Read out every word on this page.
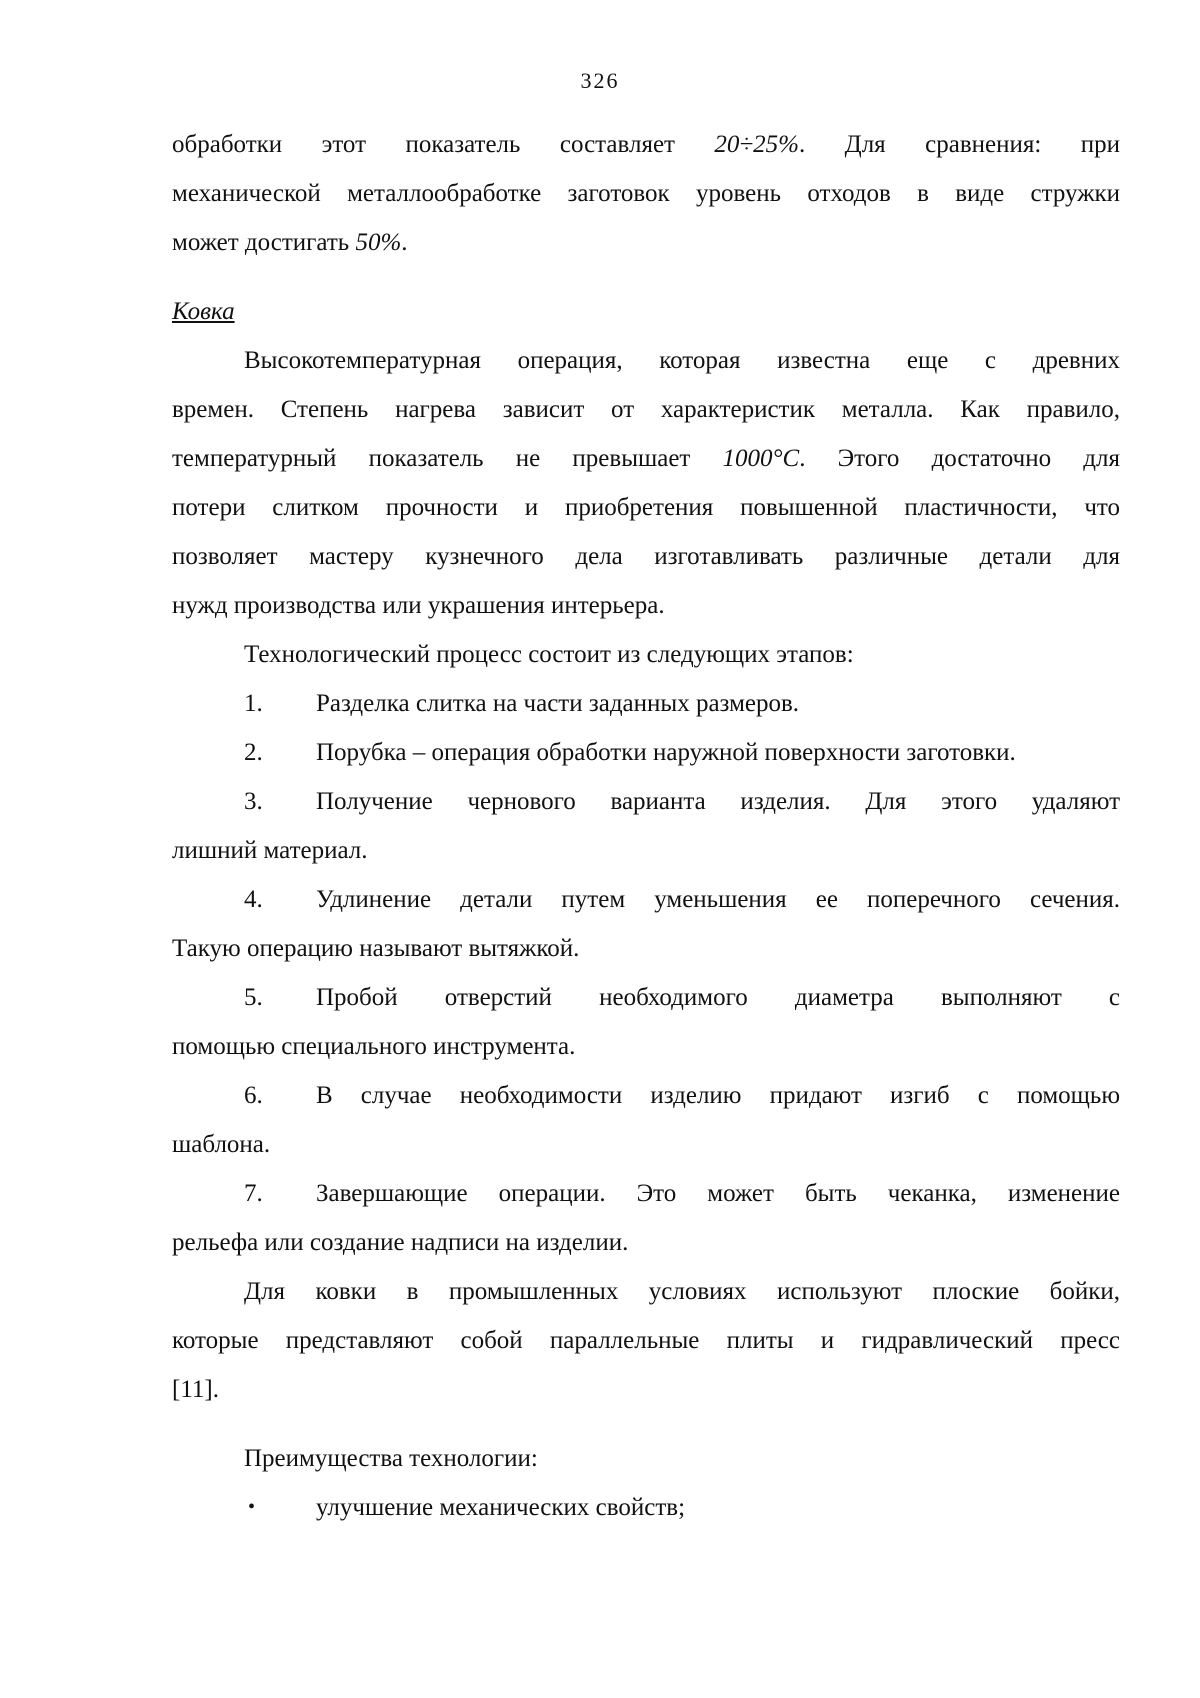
326
обработки этот показатель составляет 20÷25%. Для сравнения: при
механической металлообработке заготовок уровень отходов в виде стружки
может достигать 50%.
Ковка
Высокотемпературная операция, которая известна еще с древних
времен. Степень нагрева зависит от характеристик металла. Как правило,
температурный показатель не превышает 1000°C. Этого достаточно для
потери слитком прочности и приобретения повышенной пластичности, что
позволяет мастеру кузнечного дела изготавливать различные детали для
нужд производства или украшения интерьера.
Технологический процесс состоит из следующих этапов:
1. Разделка слитка на части заданных размеров.
2. Порубка – операция обработки наружной поверхности заготовки.
3. Получение чернового варианта изделия. Для этого удаляют
лишний материал.
4. Удлинение детали путем уменьшения ее поперечного сечения.
Такую операцию называют вытяжкой.
5. Пробой отверстий необходимого диаметра выполняют с
помощью специального инструмента.
6. В случае необходимости изделию придают изгиб с помощью
шаблона.
7. Завершающие операции. Это может быть чеканка, изменение
рельефа или создание надписи на изделии.
Для ковки в промышленных условиях используют плоские бойки,
которые представляют собой параллельные плиты и гидравлический пресс
[11].
Преимущества технологии:
• улучшение механических свойств;
